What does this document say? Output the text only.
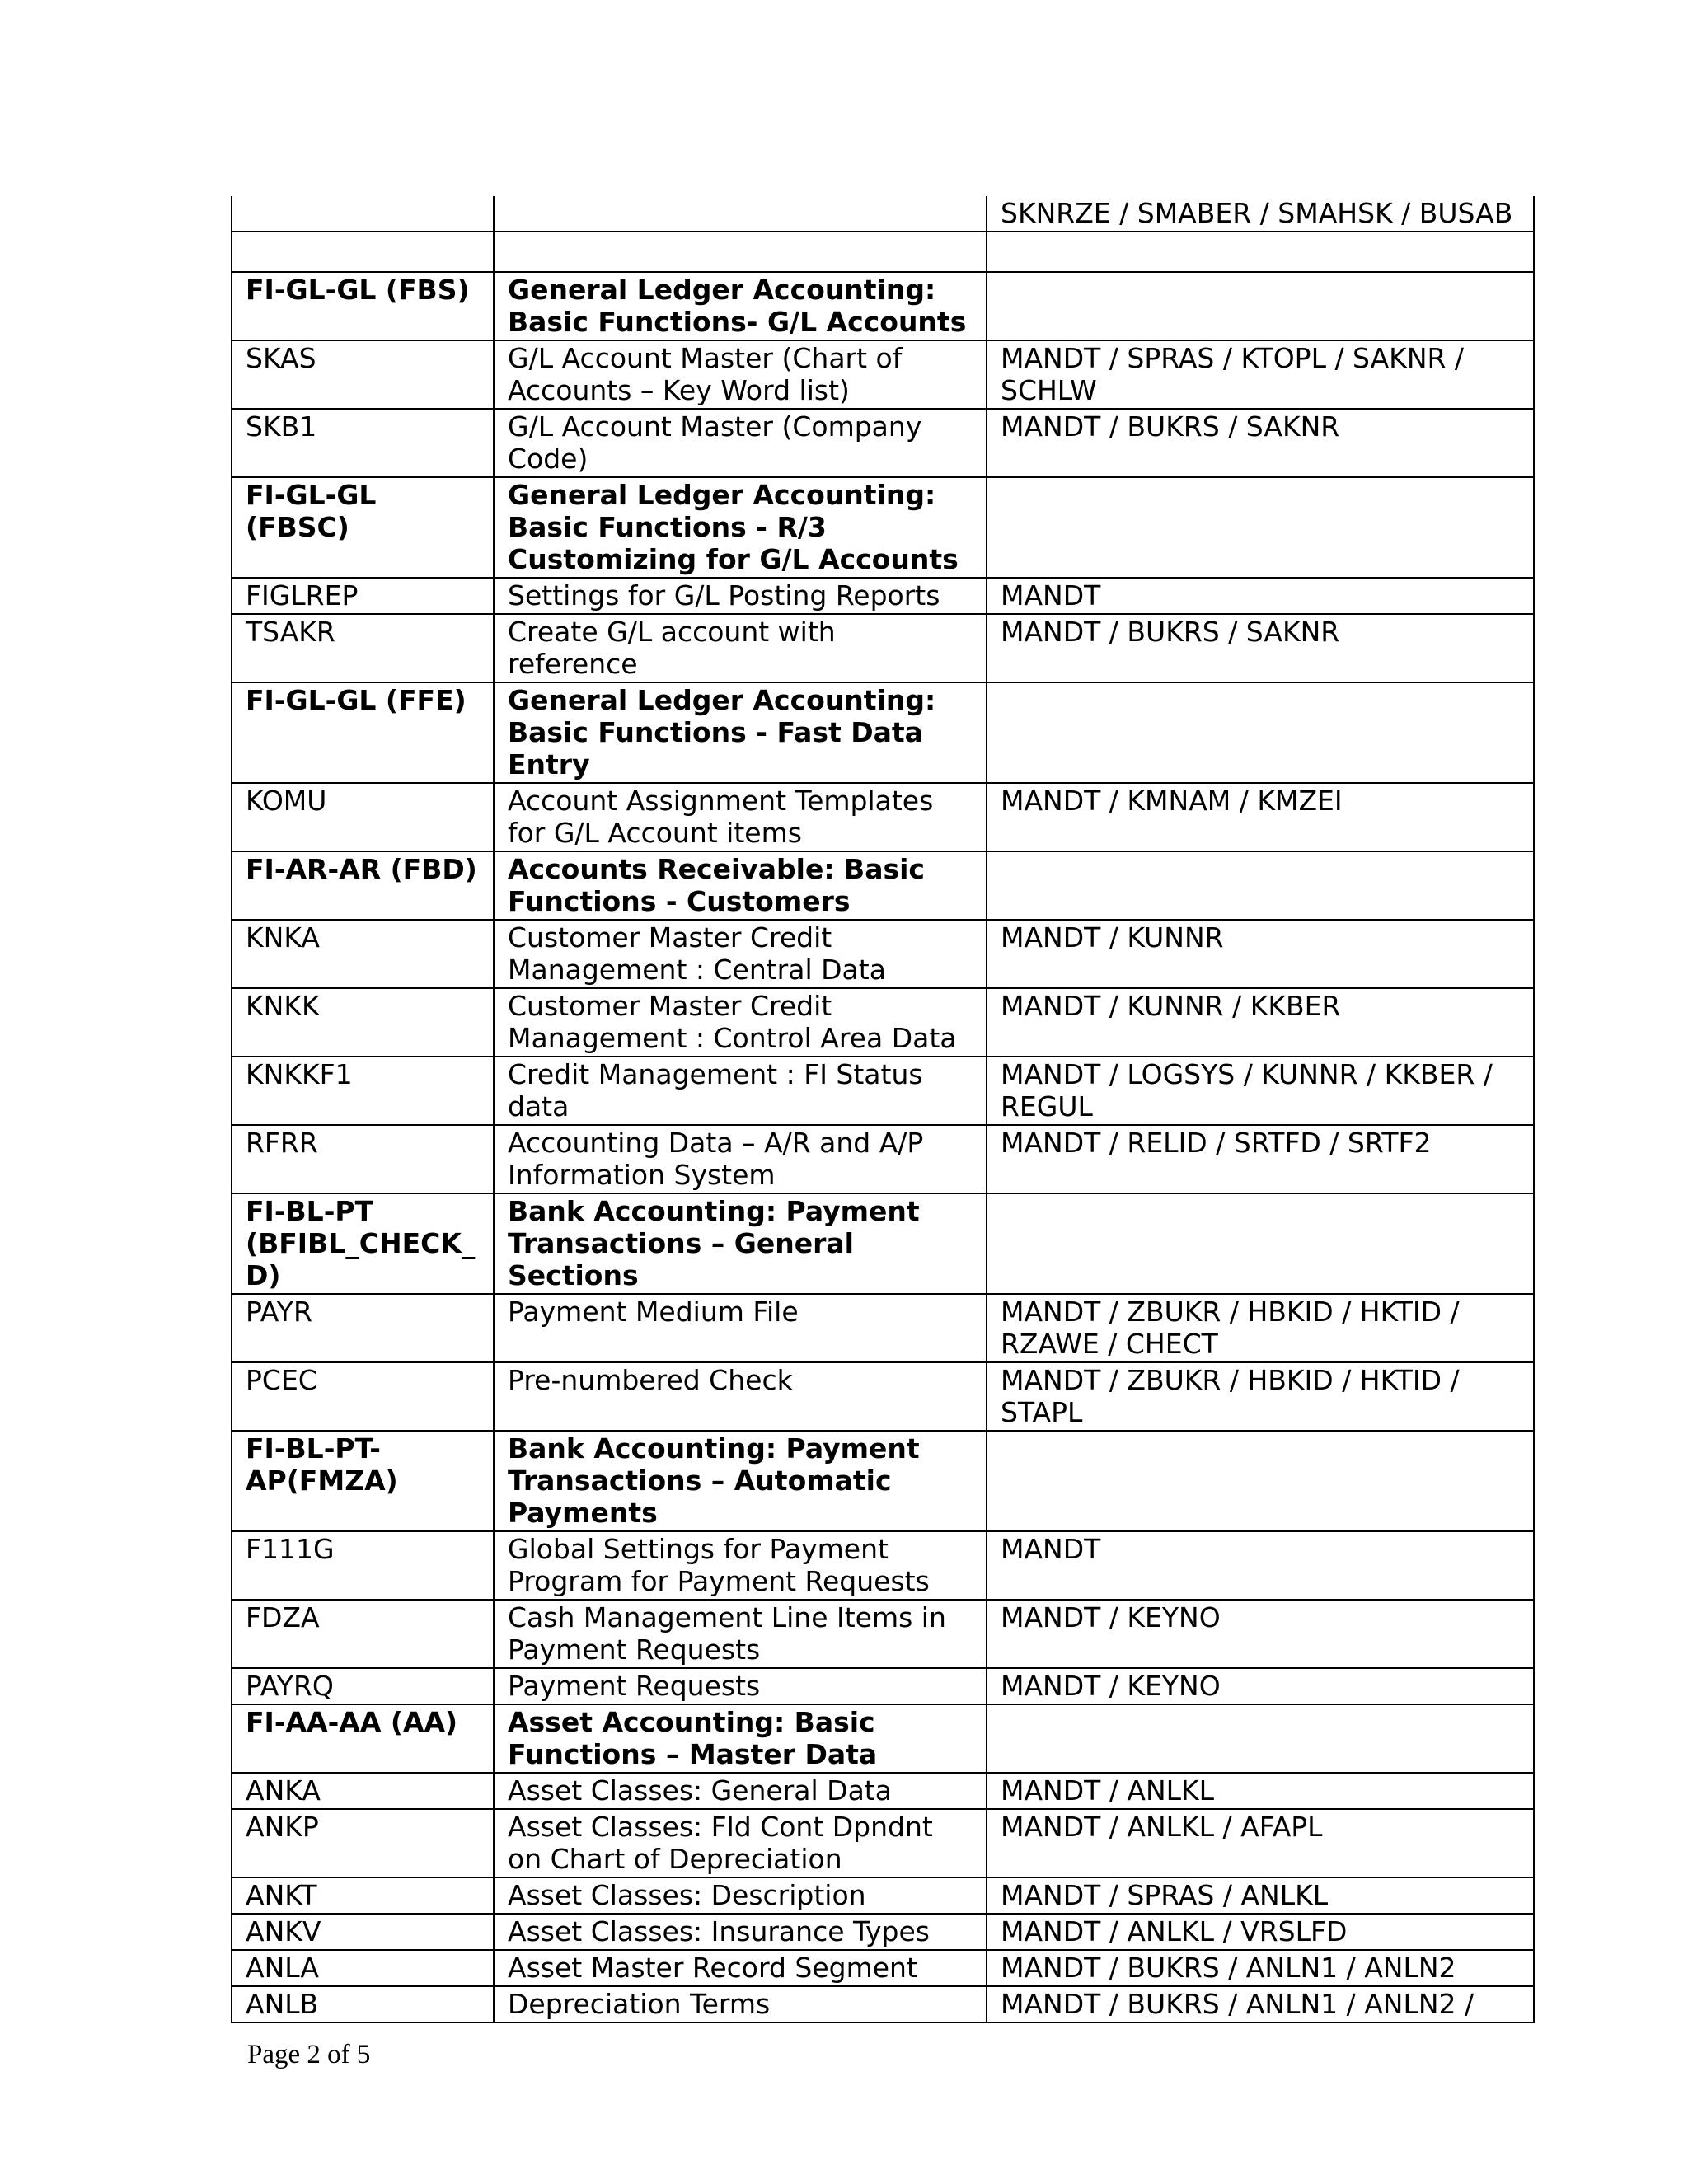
		SKNRZE / SMABER / SMAHSK / BUSAB

FI-GL-GL (FBS)	General Ledger Accounting: Basic Functions- G/L Accounts	
SKAS	G/L Account Master (Chart of Accounts – Key Word list)	MANDT / SPRAS / KTOPL / SAKNR / SCHLW
SKB1	G/L Account Master (Company Code)	MANDT / BUKRS / SAKNR
FI-GL-GL (FBSC)	General Ledger Accounting: Basic Functions - R/3 Customizing for G/L Accounts	
FIGLREP	Settings for G/L Posting Reports	MANDT
TSAKR	Create G/L account with reference	MANDT / BUKRS / SAKNR
FI-GL-GL (FFE)	General Ledger Accounting: Basic Functions - Fast Data Entry	
KOMU	Account Assignment Templates for G/L Account items	MANDT / KMNAM / KMZEI
FI-AR-AR (FBD)	Accounts Receivable: Basic Functions - Customers	
KNKA	Customer Master Credit Management : Central Data	MANDT / KUNNR
KNKK	Customer Master Credit Management : Control Area Data	MANDT / KUNNR / KKBER
KNKKF1	Credit Management : FI Status data	MANDT / LOGSYS / KUNNR / KKBER / REGUL
RFRR	Accounting Data – A/R and A/P Information System	MANDT / RELID / SRTFD / SRTF2
FI-BL-PT (BFIBL_CHECK_D)	Bank Accounting: Payment Transactions – General Sections	
PAYR	Payment Medium File	MANDT / ZBUKR / HBKID / HKTID / RZAWE / CHECT
PCEC	Pre-numbered Check	MANDT / ZBUKR / HBKID / HKTID / STAPL
FI-BL-PT-AP(FMZA)	Bank Accounting: Payment Transactions – Automatic Payments	
F111G	Global Settings for Payment Program for Payment Requests	MANDT
FDZA	Cash Management Line Items in Payment Requests	MANDT / KEYNO
PAYRQ	Payment Requests	MANDT / KEYNO
FI-AA-AA (AA)	Asset Accounting: Basic Functions – Master Data	
ANKA	Asset Classes: General Data	MANDT / ANLKL
ANKP	Asset Classes: Fld Cont Dpndnt on Chart of Depreciation	MANDT / ANLKL / AFAPL
ANKT	Asset Classes: Description	MANDT / SPRAS / ANLKL
ANKV	Asset Classes: Insurance Types	MANDT / ANLKL / VRSLFD
ANLA	Asset Master Record Segment	MANDT / BUKRS / ANLN1 / ANLN2
ANLB	Depreciation Terms	MANDT / BUKRS / ANLN1 / ANLN2 /
Page 2 of 5
